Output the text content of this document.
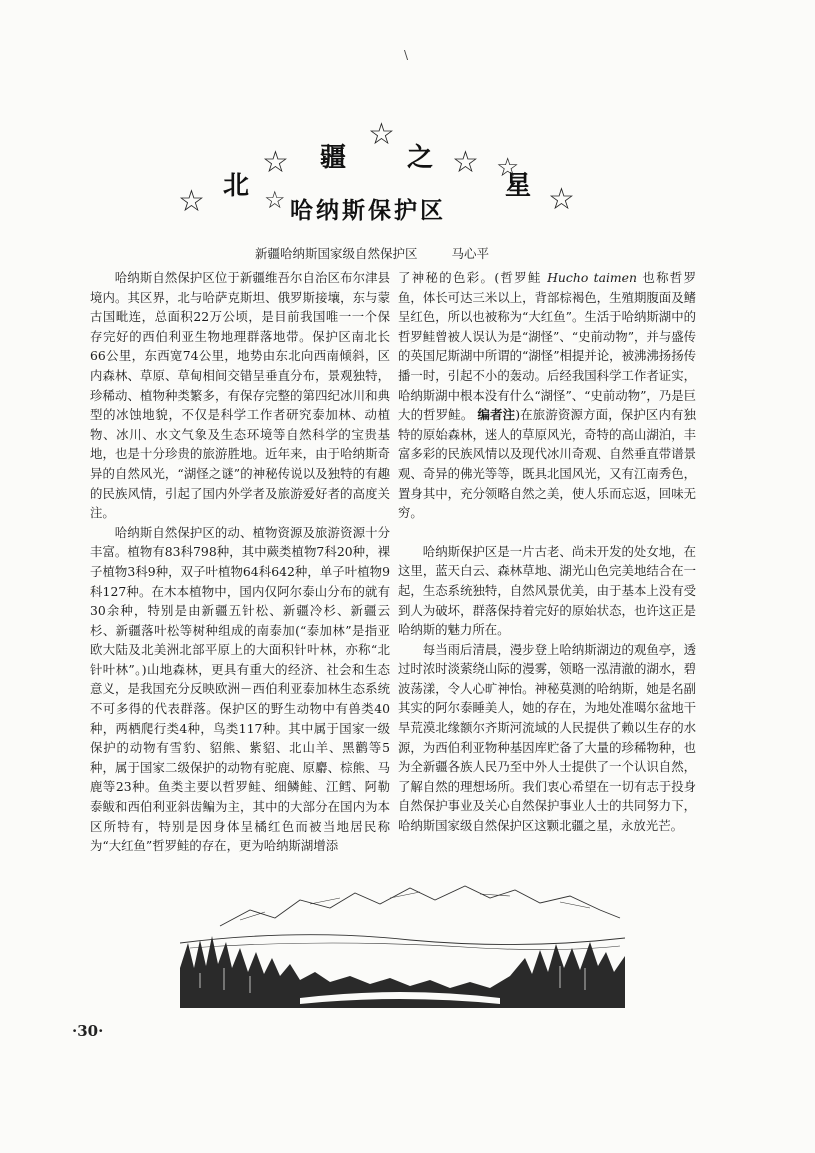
\
☆ 北
☆ 疆
☆
之 ☆
星 ☆
☆
☆ 哈纳斯保护区
新疆哈纳斯国家级自然保护区	马心平

哈纳斯自然保护区位于新疆维吾尔自治区布尔津县境内。其区界，北与哈萨克斯坦、俄罗斯接壤，东与蒙古国毗连，总面积22万公顷，是目前我国唯一一个保存完好的西伯利亚生物地理群落地带。保护区南北长66公里，东西宽74公里，地势由东北向西南倾斜，区内森林、草原、草甸相间交错呈垂直分布，景观独特，珍稀动、植物种类繁多，有保存完整的第四纪冰川和典型的冰蚀地貌，不仅是科学工作者研究泰加林、动植物、冰川、水文气象及生态环境等自然科学的宝贵基地，也是十分珍贵的旅游胜地。近年来，由于哈纳斯奇异的自然风光，“湖怪之谜”的神秘传说以及独特的有趣的民族风情，引起了国内外学者及旅游爱好者的高度关注。

哈纳斯自然保护区的动、植物资源及旅游资源十分丰富。植物有83科798种，其中蕨类植物7科20种，裸子植物3科9种，双子叶植物64科642种，单子叶植物9科127种。在木本植物中，国内仅阿尔泰山分布的就有30余种，特别是由新疆五针松、新疆冷杉、新疆云杉、新疆落叶松等树种组成的南泰加(“泰加林”是指亚欧大陆及北美洲北部平原上的大面积针叶林，亦称“北针叶林”。)山地森林，更具有重大的经济、社会和生态意义，是我国充分反映欧洲－西伯利亚泰加林生态系统不可多得的代表群落。保护区的野生动物中有兽类40种，两栖爬行类4种，鸟类117种。其中属于国家一级保护的动物有雪豹、貂熊、紫貂、北山羊、黑鹳等5种，属于国家二级保护的动物有驼鹿、原麝、棕熊、马鹿等23种。鱼类主要以哲罗鲑、细鳞鲑、江鳕、阿勒泰鲅和西伯利亚斜齿鳊为主，其中的大部分在国内为本区所特有，特别是因身体呈橘红色而被当地居民称为“大红鱼”哲罗鲑的存在，更为哈纳斯湖增添

了神秘的色彩。(哲罗鲑 Hucho taimen 也称哲罗鱼，体长可达三米以上，背部棕褐色，生殖期腹面及鳍呈红色，所以也被称为“大红鱼”。生活于哈纳斯湖中的哲罗鲑曾被人误认为是“湖怪”、“史前动物”，并与盛传的英国尼斯湖中所谓的“湖怪”相提并论，被沸沸扬扬传播一时，引起不小的轰动。后经我国科学工作者证实，哈纳斯湖中根本没有什么“湖怪”、“史前动物”，乃是巨大的哲罗鲑。 编者注)在旅游资源方面，保护区内有独特的原始森林，迷人的草原风光，奇特的高山湖泊，丰富多彩的民族风情以及现代冰川奇观、自然垂直带谱景观、奇异的佛光等等，既具北国风光，又有江南秀色，置身其中，充分领略自然之美，使人乐而忘返，回味无穷。

哈纳斯保护区是一片古老、尚未开发的处女地，在这里，蓝天白云、森林草地、湖光山色完美地结合在一起，生态系统独特，自然风景优美，由于基本上没有受到人为破坏，群落保持着完好的原始状态，也许这正是哈纳斯的魅力所在。

每当雨后清晨，漫步登上哈纳斯湖边的观鱼亭，透过时浓时淡萦绕山际的漫雾，领略一泓清澈的湖水，碧波荡漾，令人心旷神怡。神秘莫测的哈纳斯，她是名副其实的阿尔泰睡美人，她的存在，为地处准噶尔盆地干旱荒漠北缘额尔齐斯河流域的人民提供了赖以生存的水源，为西伯利亚物种基因库贮备了大量的珍稀物种，也为全新疆各族人民乃至中外人士提供了一个认识自然，了解自然的理想场所。我们衷心希望在一切有志于投身自然保护事业及关心自然保护事业人士的共同努力下，哈纳斯国家级自然保护区这颗北疆之星，永放光芒。

·30·
